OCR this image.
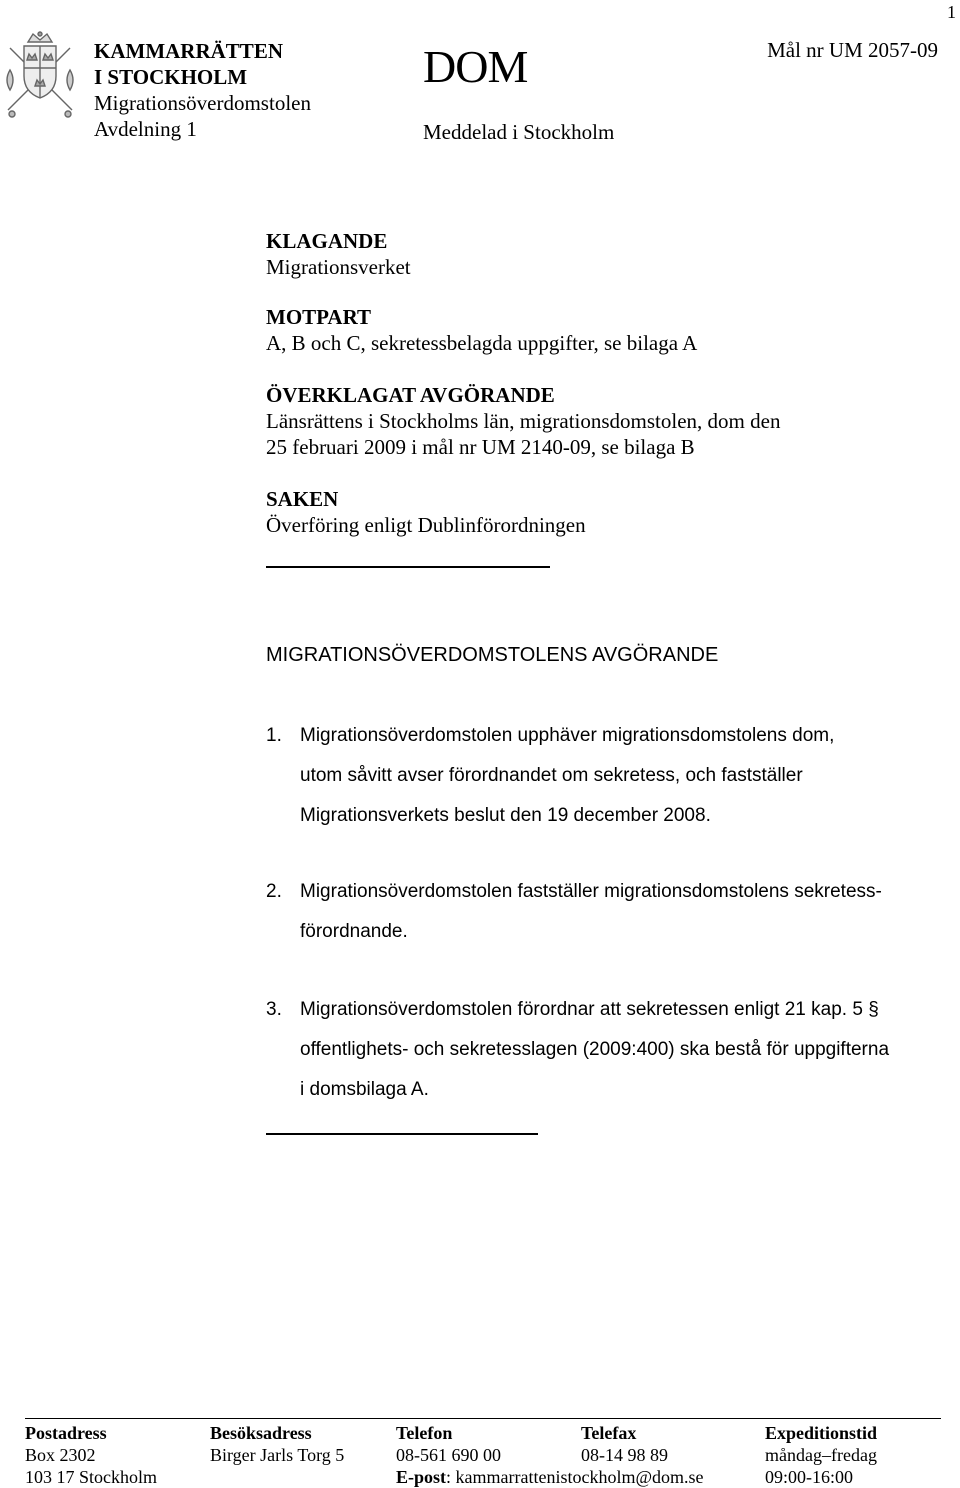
1
KAMMARRÄTTEN
I STOCKHOLM
Migrationsöverdomstolen
Avdelning 1
DOM
Meddelad i Stockholm
Mål nr UM 2057-09
KLAGANDE
Migrationsverket
MOTPART
A, B och C, sekretessbelagda uppgifter, se bilaga A
ÖVERKLAGAT AVGÖRANDE
Länsrättens i Stockholms län, migrationsdomstolen, dom den
25 februari 2009 i mål nr UM 2140-09, se bilaga B
SAKEN
Överföring enligt Dublinförordningen
MIGRATIONSÖVERDOMSTOLENS AVGÖRANDE
1. Migrationsöverdomstolen upphäver migrationsdomstolens dom,
utom såvitt avser förordnandet om sekretess, och fastställer
Migrationsverkets beslut den 19 december 2008.
2. Migrationsöverdomstolen fastställer migrationsdomstolens sekretess-
förordnande.
3. Migrationsöverdomstolen förordnar att sekretessen enligt 21 kap. 5 §
offentlighets- och sekretesslagen (2009:400) ska bestå för uppgifterna
i domsbilaga A.
Postadress
Box 2302
103 17 Stockholm
Besöksadress
Birger Jarls Torg 5
Telefon
08-561 690 00
E-post: kammarrattenistockholm@dom.se
Telefax
08-14 98 89
Expeditionstid
måndag–fredag
09:00-16:00
